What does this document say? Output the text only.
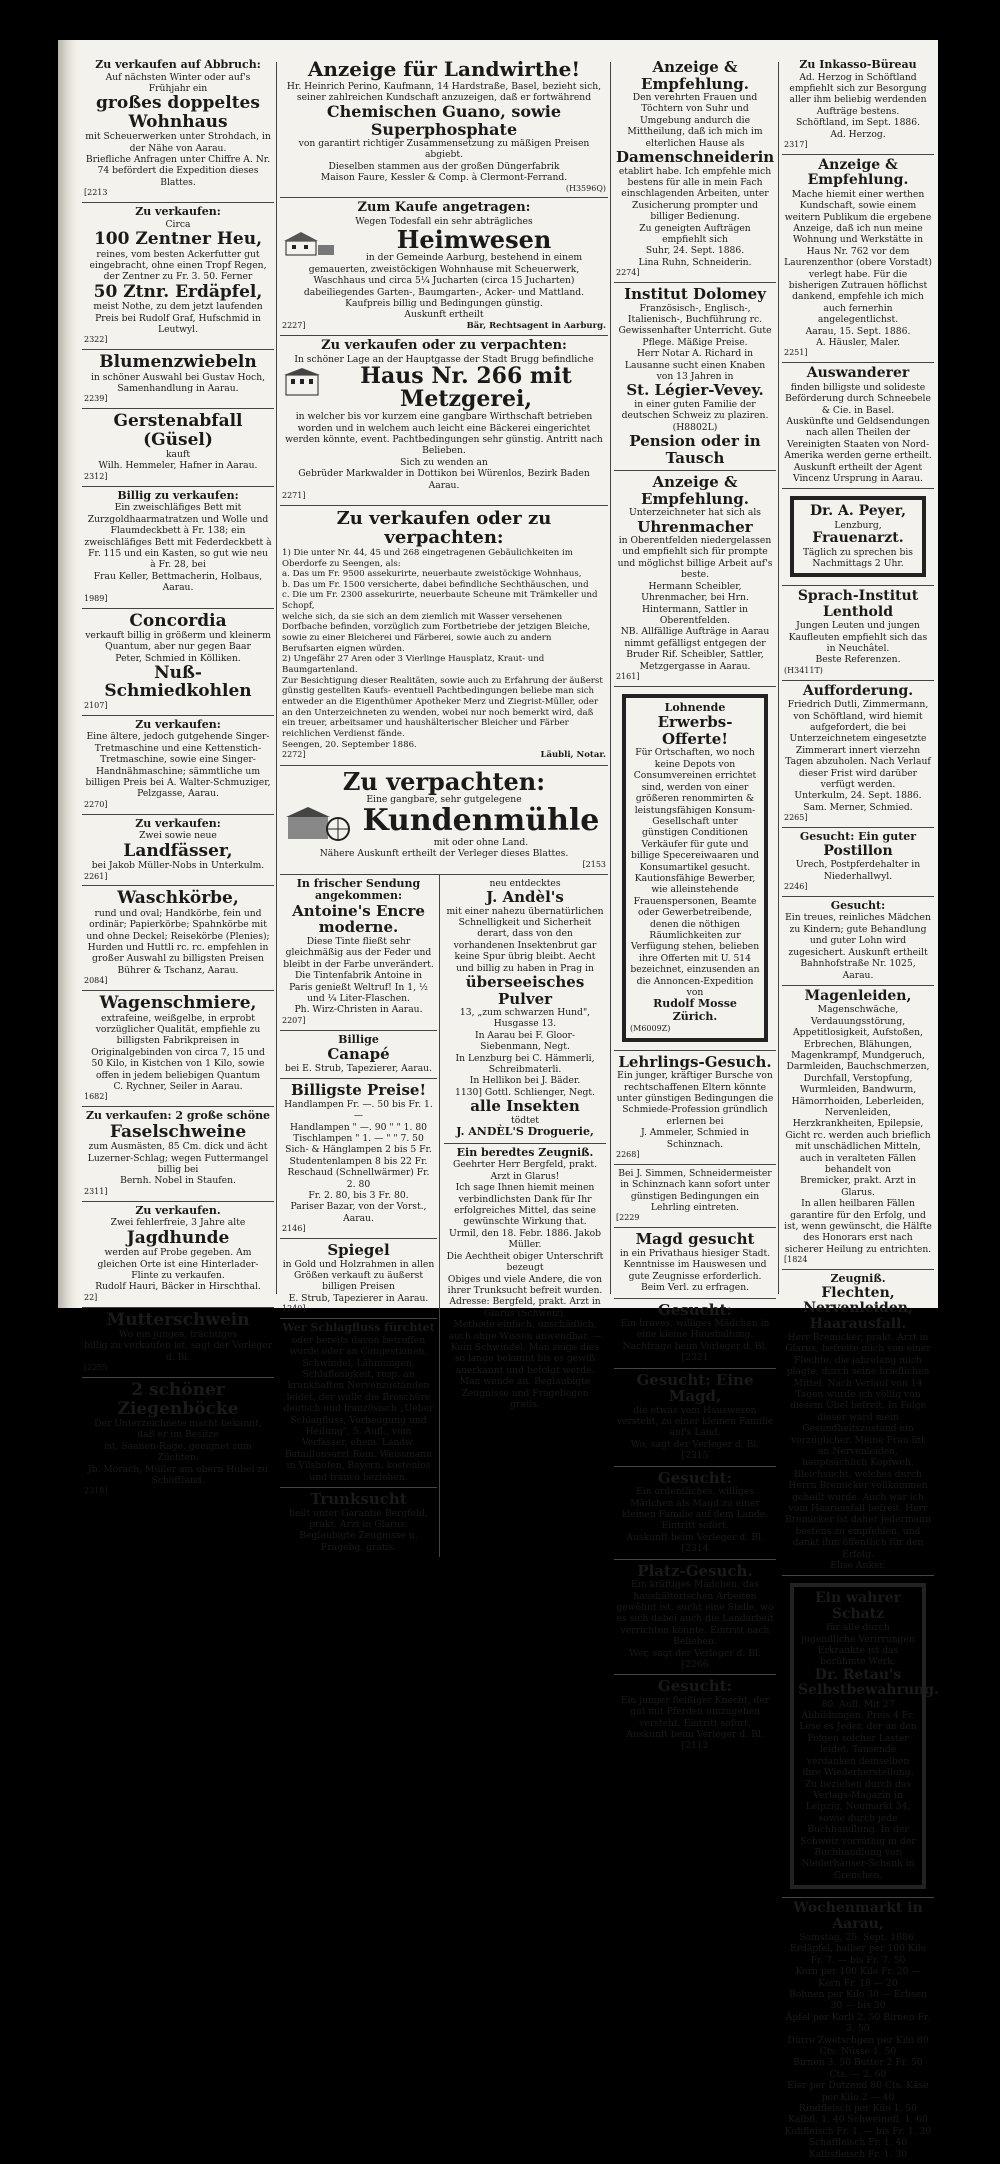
Zu verkaufen auf Abbruch:
Auf nächsten Winter oder auf's Frühjahr ein
großes doppeltes Wohnhaus
mit Scheuerwerken unter Strohdach, in der Nähe von Aarau.
Briefliche Anfragen unter Chiffre A. Nr. 74 befördert die Expedition dieses Blattes.
[2213
Zu verkaufen:
Circa
100 Zentner Heu,
reines, vom besten Ackerfutter gut eingebracht, ohne einen Tropf Regen, der Zentner zu Fr. 3. 50. Ferner
50 Ztnr. Erdäpfel,
meist Nothe, zu dem jetzt laufenden Preis bei Rudolf Graf, Hufschmid in Leutwyl.
2322]
Blumenzwiebeln
in schöner Auswahl bei Gustav Hoch, Samenhandlung in Aarau.
2239]
Gerstenabfall (Güsel)
kauft
Wilh. Hemmeler, Hafner in Aarau.
2312]
Billig zu verkaufen:
Ein zweischläfiges Bett mit Zurzgoldhaarmatratzen und Wolle und Flaumdeckbett à Fr. 138; ein zweischläfiges Bett mit Federdeckbett à Fr. 115 und ein Kasten, so gut wie neu à Fr. 28, bei
Frau Keller, Bettmacherin, Holbaus, Aarau.
1989]
Concordia
verkauft billig in größerm und kleinerm Quantum, aber nur gegen Baar
Peter, Schmied in Kölliken.
Nuß-Schmiedkohlen
2107]
Zu verkaufen:
Eine ältere, jedoch gutgehende Singer-Tretmaschine und eine Kettenstich-Tretmaschine, sowie eine Singer-Handnähmaschine; sämmtliche um billigen Preis bei A. Walter-Schmuziger, Pelzgasse, Aarau.
2270]
Zu verkaufen:
Zwei sowie neue
Landfässer,
bei Jakob Müller-Nobs in Unterkulm.
2261]
Waschkörbe,
rund und oval; Handkörbe, fein und ordinär; Papierkörbe; Spahnkörbe mit und ohne Deckel; Reisekörbe (Plenies); Hurden und Huttli rc. rc. empfehlen in großer Auswahl zu billigsten Preisen
Bührer & Tschanz, Aarau.
2084]
Wagenschmiere,
extrafeine, weißgelbe, in erprobt vorzüglicher Qualität, empfiehle zu billigsten Fabrikpreisen in Originalgebinden von circa 7, 15 und 50 Kilo, in Kistchen von 1 Kilo, sowie offen in jedem beliebigen Quantum
C. Rychner, Seiler in Aarau.
1682]
Zu verkaufen: 2 große schöne
Faselschweine
zum Ausmästen, 85 Cm. dick und ächt Luzerner-Schlag; wegen Futtermangel billig bei
Bernh. Nobel in Staufen.
2311]
Zu verkaufen.
Zwei fehlerfreie, 3 Jahre alte
Jagdhunde
werden auf Probe gegeben. Am gleichen Orte ist eine Hinterlader-Flinte zu verkaufen.
Rudolf Hauri, Bäcker in Hirschthal.
22]
Mutterschwein
Wo ein junges, trächtiges
billig zu verkaufen ist, sagt der Verleger d. Bl.
[2255
2 schöner Ziegenböcke
Der Unterzeichnete macht bekannt, daß er im Besitze
ist, Saanen-Rage, geeignet zum Züchten.
Jb. Morach, Müller am obern Hubel zu Schöftland.
2318]
Anzeige für Landwirthe!
Hr. Heinrich Perino, Kaufmann, 14 Hardstraße, Basel, bezieht sich, seiner zahlreichen Kundschaft anzuzeigen, daß er fortwährend
Chemischen Guano, sowie Superphosphate
von garantirt richtiger Zusammensetzung zu mäßigen Preisen abgiebt.
Dieselben stammen aus der großen Düngerfabrik
Maison Faure, Kessler & Comp. à Clermont-Ferrand.
(H3596Q)
Zum Kaufe angetragen:
Wegen Todesfall ein sehr abträgliches
Heimwesen
in der Gemeinde Aarburg, bestehend in einem gemauerten, zweistöckigen Wohnhause mit Scheuerwerk, Waschhaus und circa 5¼ Jucharten (circa 15 Jucharten) dabeiliegendes Garten-, Baumgarten-, Acker- und Mattland.
Kaufpreis billig und Bedingungen günstig.
Auskunft ertheilt
2227]	Bär, Rechtsagent in Aarburg.
Zu verkaufen oder zu verpachten:
In schöner Lage an der Hauptgasse der Stadt Brugg befindliche
Haus Nr. 266 mit Metzgerei,
in welcher bis vor kurzem eine gangbare Wirthschaft betrieben worden und in welchem auch leicht eine Bäckerei eingerichtet werden könnte, event. Pachtbedingungen sehr günstig. Antritt nach Belieben.
Sich zu wenden an
Gebrüder Markwalder in Dottikon bei Würenlos, Bezirk Baden Aarau.
2271]
Zu verkaufen oder zu verpachten:
1) Die unter Nr. 44, 45 und 268 eingetragenen Gebäulichkeiten im Oberdorfe zu Seengen, als:
a. Das um Fr. 9500 assekurirte, neuerbaute zweistöckige Wohnhaus,
b. Das um Fr. 1500 versicherte, dabei befindliche Sechthäuschen, und
c. Die um Fr. 2300 assekurirte, neuerbaute Scheune mit Trämkeller und Schopf,
welche sich, da sie sich an dem ziemlich mit Wasser versehenen Dorfbache befinden, vorzüglich zum Fortbetriebe der jetzigen Bleiche, sowie zu einer Bleicherei und Färberei, sowie auch zu andern Berufsarten eignen würden.
2) Ungefähr 27 Aren oder 3 Vierlinge Hausplatz, Kraut- und Baumgartenland.
Zur Besichtigung dieser Realitäten, sowie auch zu Erfahrung der äußerst günstig gestellten Kaufs- eventuell Pachtbedingungen beliebe man sich entweder an die Eigenthümer Apotheker Merz und Ziegrist-Müller, oder an den Unterzeichneten zu wenden, wobei nur noch bemerkt wird, daß ein treuer, arbeitsamer und haushälterischer Bleicher und Färber reichlichen Verdienst fände.
Seengen, 20. September 1886.
2272]	Läubli, Notar.
Zu verpachten:
Eine gangbare, sehr gutgelegene
Kundenmühle
mit oder ohne Land.
Nähere Auskunft ertheilt der Verleger dieses Blattes.
[2153
In frischer Sendung angekommen:
Antoine's Encre moderne.
Diese Tinte fließt sehr gleichmäßig aus der Feder und bleibt in der Farbe unverändert. Die Tintenfabrik Antoine in Paris genießt Weltruf! In 1, ½ und ¼ Liter-Flaschen.
Ph. Wirz-Christen in Aarau.
2207]
Billige
Canapé
bei E. Strub, Tapezierer, Aarau.
Billigste Preise!
Handlampen Fr. —. 50 bis Fr. 1. —
Handlampen " —. 90 " " 1. 80
Tischlampen " 1. — " " 7. 50
Sich- & Hänglampen 2 bis 5 Fr.
Studentenlampen 8 bis 22 Fr.
Reschaud (Schnellwärmer) Fr. 2. 80
Fr. 2. 80, bis 3 Fr. 80.
Pariser Bazar, von der Vorst., Aarau.
2146]
Spiegel
in Gold und Holzrahmen in allen Größen verkauft zu äußerst billigen Preisen
E. Strub, Tapezierer in Aarau.
1240]
Wer Schlagfluss fürchtet
oder bereits davon betroffen wurde oder an Congestionen, Schwindel, Lähmungen, Schlaflosigkeit, resp. an krankhaften Nervenzuständen leidet, der wolle die Broschüre deutsch und französisch „Ueber Schlagfluss, Vorbeugung und Heilung", 5. Aufl., vom Verfasser, ehem. Landw. Bataillonsarzt Rom. Weissmann in Vilshofen, Bayern, kostenlos und franco beziehen.
Trunksucht
heilt unter Garantie Bergfeld, prakt. Arzt in Glarus. Beglaubigte Zeugnisse u. Fragebg. gratis.
neu entdecktes
J. Andèl's
mit einer nahezu übernatürlichen Schnelligkeit und Sicherheit derart, dass von den vorhandenen Insektenbrut gar keine Spur übrig bleibt. Aecht und billig zu haben in Prag in
überseeisches Pulver
13, „zum schwarzen Hund", Husgasse 13.
In Aarau bei F. Gloor-Siebenmann, Negt.
In Lenzburg bei C. Hämmerli, Schreibmaterli.
In Hellikon bei J. Bäder.
1130] Gottl. Schlienger, Negt.
alle Insekten
tödtet
J. ANDÈL'S Droguerie,
Ein beredtes Zeugniß.
Geehrter Herr Bergfeld, prakt. Arzt in Glarus!
Ich sage Ihnen hiemit meinen verbindlichsten Dank für Ihr erfolgreiches Mittel, das seine gewünschte Wirkung that.
Urmil, den 18. Febr. 1886. Jakob Müller.
Die Aechtheit obiger Unterschrift bezeugt
Obiges und viele Andere, die von ihrer Trunksucht befreit wurden. Adresse: Bergfeld, prakt. Arzt in Glarus (Schweiz).
Methode einfach, unschädlich, auch ohne Wissen anwendbar. — Kein Schwindel. Man zeige dies so lange bekannt bis es gewiß anerkannt und befolgt werde. Man wende an. Beglaubigte Zeugnisse und Fragebogen gratis.
Anzeige & Empfehlung.
Den verehrten Frauen und Töchtern von Suhr und Umgebung andurch die Mittheilung, daß ich mich im elterlichen Hause als
Damenschneiderin
etablirt habe. Ich empfehle mich bestens für alle in mein Fach einschlagenden Arbeiten, unter Zusicherung prompter und billiger Bedienung.
Zu geneigten Aufträgen empfiehlt sich
Suhr, 24. Sept. 1886.
Lina Ruhn, Schneiderin.
2274]
Institut Dolomey
Französisch-, Englisch-, Italienisch-, Buchführung rc. Gewissenhafter Unterricht. Gute Pflege. Mäßige Preise.
Herr Notar A. Richard in Lausanne sucht einen Knaben von 13 Jahren in
St. Légier-Vevey.
in einer guten Familie der deutschen Schweiz zu plaziren. (H8802L)
Pension oder in Tausch
Anzeige & Empfehlung.
Unterzeichneter hat sich als
Uhrenmacher
in Oberentfelden niedergelassen und empfiehlt sich für prompte und möglichst billige Arbeit auf's beste.
Hermann Scheibler, Uhrenmacher, bei Hrn. Hintermann, Sattler in Oberentfelden.
NB. Allfällige Aufträge in Aarau nimmt gefälligst entgegen der Bruder Rif. Scheibler, Sattler, Metzgergasse in Aarau.
2161]
Lohnende
Erwerbs-Offerte!
Für Ortschaften, wo noch keine Depots von Consumvereinen errichtet sind, werden von einer größeren renommirten & leistungsfähigen Konsum-Gesellschaft unter günstigen Conditionen Verkäufer für gute und billige Specereiwaaren und Konsumartikel gesucht. Kautionsfähige Bewerber, wie alleinstehende Frauenspersonen, Beamte oder Gewerbetreibende, denen die nöthigen Räumlichkeiten zur Verfügung stehen, belieben ihre Offerten mit U. 514 bezeichnet, einzusenden an die Annoncen-Expedition von
Rudolf Mosse
Zürich.
(M6009Z)
Lehrlings-Gesuch.
Ein junger, kräftiger Bursche von rechtschaffenen Eltern könnte unter günstigen Bedingungen die Schmiede-Profession gründlich erlernen bei
J. Ammeler, Schmied in Schinznach.
2268]
Bei J. Simmen, Schneidermeister in Schinznach kann sofort unter günstigen Bedingungen ein Lehrling eintreten.
[2229
Magd gesucht
in ein Privathaus hiesiger Stadt. Kenntnisse im Hauswesen und gute Zeugnisse erforderlich. Beim Verl. zu erfragen.
Gesucht:
Ein braves, williges Mädchen in eine kleine Haushaltung.
Nachfrage beim Verleger d. Bl. [2321
Gesucht: Eine Magd,
die etwas vom Hauswesen versteht, zu einer kleinen Familie auf's Land.
Wo, sagt der Verleger d. Bl. [2315
Gesucht:
Ein ordentliches, williges Mädchen als Magd zu einer kleinen Familie auf dem Lande. Eintritt sofort.
Auskunft beim Verleger d. Bl. [2314
Platz-Gesuch.
Ein kräftiges Mädchen, das haushälterischen Arbeiten gewöhnt ist, sucht eine Stelle, wo es sich dabei auch die Landarbeit verrichten könnte. Eintritt nach Belieben.
Wer, sagt der Verleger d. Bl. [2266
Gesucht:
Ein junger fleißiger Knecht, der gut mit Pferden umzugehen versteht. Eintritt sofort.
Auskunft beim Verleger d. Bl. [2112
Zu Inkasso-Büreau
Ad. Herzog in Schöftland empfiehlt sich zur Besorgung aller ihm beliebig werdenden Aufträge bestens.
Schöftland, im Sept. 1886.
Ad. Herzog.
2317]
Anzeige & Empfehlung.
Mache hiemit einer werthen Kundschaft, sowie einem weitern Publikum die ergebene Anzeige, daß ich nun meine Wohnung und Werkstätte in Haus Nr. 762 vor dem Laurenzenthor (obere Vorstadt) verlegt habe. Für die bisherigen Zutrauen höflichst dankend, empfehle ich mich auch fernerhin angelegentlichst.
Aarau, 15. Sept. 1886.
A. Häusler, Maler.
2251]
Auswanderer
finden billigste und solideste Beförderung durch Schneebele & Cie. in Basel.
Auskünfte und Geldsendungen nach allen Theilen der Vereinigten Staaten von Nord-Amerika werden gerne ertheilt.
Auskunft ertheilt der Agent
Vincenz Ursprung in Aarau.
Dr. A. Peyer,
Lenzburg,
Frauenarzt.
Täglich zu sprechen bis Nachmittags 2 Uhr.
Sprach-Institut Lenthold
Jungen Leuten und jungen Kaufleuten empfiehlt sich das
in Neuchâtel.
Beste Referenzen.
(H3411T)
Aufforderung.
Friedrich Dutli, Zimmermann, von Schöftland, wird hiemit aufgefordert, die bei Unterzeichnetem eingesetzte Zimmerart innert vierzehn Tagen abzuholen. Nach Verlauf dieser Frist wird darüber verfügt werden.
Unterkulm, 24. Sept. 1886.
Sam. Merner, Schmied.
2265]
Gesucht: Ein guter
Postillon
Urech, Postpferdehalter in Niederhallwyl.
2246]
Gesucht:
Ein treues, reinliches Mädchen zu Kindern; gute Behandlung und guter Lohn wird zugesichert. Auskunft ertheilt
Bahnhofstraße Nr. 1025, Aarau.
Magenleiden,
Magenschwäche, Verdauungsstörung, Appetitlosigkeit, Aufstoßen, Erbrechen, Blähungen, Magenkrampf, Mundgeruch, Darmleiden, Bauchschmerzen, Durchfall, Verstopfung, Wurmleiden, Bandwurm, Hämorrhoiden, Leberleiden, Nervenleiden, Herzkrankheiten, Epilepsie, Gicht rc. werden auch brieflich mit unschädlichen Mitteln, auch in veralteten Fällen behandelt von
Bremicker, prakt. Arzt in Glarus.
In allen heilbaren Fällen garantire für den Erfolg, und ist, wenn gewünscht, die Hälfte des Honorars erst nach sicherer Heilung zu entrichten.
[1824
Zeugniß.
Flechten, Nervenleiden, Haarausfall.
Herr Bremicker, prakt. Arzt in Glarus, befreite mich von einer Flechte, die jahrelang mich plagte, durch seine brieflichen Mittel. Nach Verlauf von 14 Tagen wurde ich völlig von diesem Übel befreit. In Folge dieser ward mein Gesundheitszustand ein vorzüglicher. Meine Frau litt an Nervenleiden, hauptsächlich Kopfweh, Bleichsucht, welches durch Herrn Bremicker vollkommen geheilt wurde. Auch war ich vom Haarausfall befreit. Herr Bremicker ist daher jedermann bestens zu empfehlen, und dankt ihm öffentlich für den Erfolg.
Elise Anker.
Ein wahrer Schatz
für alle durch jugendliche Verirrungen Erkrankte ist das berühmte Werk:
Dr. Retau's Selbstbewahrung.
80. Aufl. Mit 27 Abbildungen. Preis 4 Fr. Lese es Jeder, der an den Folgen solcher Laster leidet. Tausende verdanken demselben ihre Wiederherstellung. Zu beziehen durch das Verlags-Magazin in Leipzig, Neumarkt 34, sowie durch jede Buchhandlung. In der Schweiz vorräthig in der Buchhandlung von Niederhäuser-Schenk in Grenchen.
Wochenmarkt in Aarau,
Samstag, 25. Sept. 1886.
Erdäpfel, halber per 100 Kilo Fr. 7. — bis Fr. 7. 50
Korn per 100 Kilo Fr. 20 — Korn Fr. 18 — 20
Bohnen per Kilo 30 — Erbsen 30 — bis 30
Äpfel per Korb 2. 50 Birnen Fr. 3. 50
Dürre Zwetschgen per Kilo 80 Cts. Nüsse 1. 50
Birnen 3. 50 Butter 2 Fr. 50 Cts. — 2. 60
Eier per Dutzend 80 Cts. Käse per Kilo 2 — 40
Rindfleisch per Kilo 1. 50 Kalbfl. 1. 40 Schweinefl. 1. 60
Kuhfleisch Fr. 1. — bis Fr. 1. 30
Schaffleisch Fr. 1. 40 Kalbsfleisch Fr. 1. 30
